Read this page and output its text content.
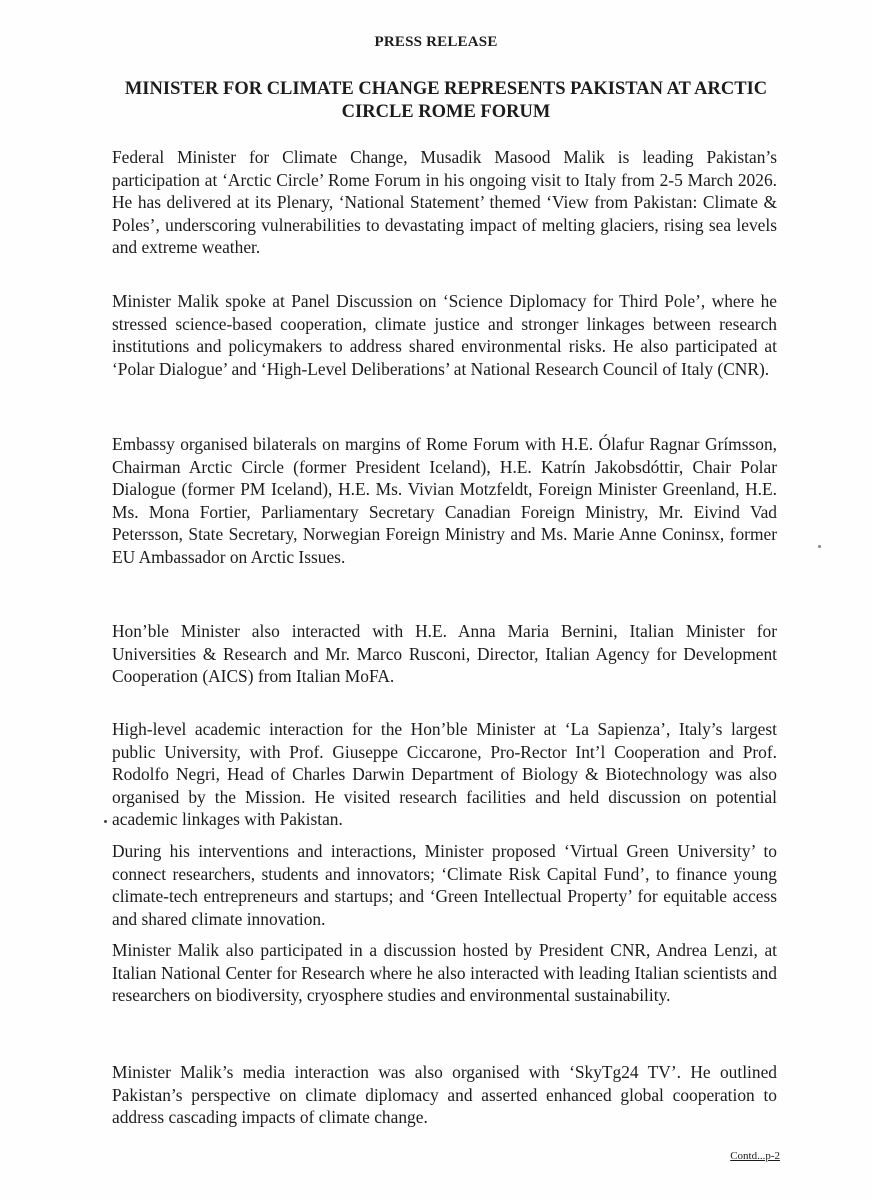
PRESS RELEASE
MINISTER FOR CLIMATE CHANGE REPRESENTS PAKISTAN AT ARCTIC CIRCLE ROME FORUM

Federal Minister for Climate Change, Musadik Masood Malik is leading Pakistan’s participation at ‘Arctic Circle’ Rome Forum in his ongoing visit to Italy from 2-5 March 2026. He has delivered at its Plenary, ‘National Statement’ themed ‘View from Pakistan: Climate & Poles’, underscoring vulnerabilities to devastating impact of melting glaciers, rising sea levels and extreme weather.

Minister Malik spoke at Panel Discussion on ‘Science Diplomacy for Third Pole’, where he stressed science-based cooperation, climate justice and stronger linkages between research institutions and policymakers to address shared environmental risks. He also participated at ‘Polar Dialogue’ and ‘High-Level Deliberations’ at National Research Council of Italy (CNR).

Embassy organised bilaterals on margins of Rome Forum with H.E. Ólafur Ragnar Grímsson, Chairman Arctic Circle (former President Iceland), H.E. Katrín Jakobsdóttir, Chair Polar Dialogue (former PM Iceland), H.E. Ms. Vivian Motzfeldt, Foreign Minister Greenland, H.E. Ms. Mona Fortier, Parliamentary Secretary Canadian Foreign Ministry, Mr. Eivind Vad Petersson, State Secretary, Norwegian Foreign Ministry and Ms. Marie Anne Coninsx, former EU Ambassador on Arctic Issues.

Hon’ble Minister also interacted with H.E. Anna Maria Bernini, Italian Minister for Universities & Research and Mr. Marco Rusconi, Director, Italian Agency for Development Cooperation (AICS) from Italian MoFA.

High-level academic interaction for the Hon’ble Minister at ‘La Sapienza’, Italy’s largest public University, with Prof. Giuseppe Ciccarone, Pro-Rector Int’l Cooperation and Prof. Rodolfo Negri, Head of Charles Darwin Department of Biology & Biotechnology was also organised by the Mission. He visited research facilities and held discussion on potential academic linkages with Pakistan.

During his interventions and interactions, Minister proposed ‘Virtual Green University’ to connect researchers, students and innovators; ‘Climate Risk Capital Fund’, to finance young climate-tech entrepreneurs and startups; and ‘Green Intellectual Property’ for equitable access and shared climate innovation.

Minister Malik also participated in a discussion hosted by President CNR, Andrea Lenzi, at Italian National Center for Research where he also interacted with leading Italian scientists and researchers on biodiversity, cryosphere studies and environmental sustainability.

Minister Malik’s media interaction was also organised with ‘SkyTg24 TV’. He outlined Pakistan’s perspective on climate diplomacy and asserted enhanced global cooperation to address cascading impacts of climate change.

Contd...p-2
